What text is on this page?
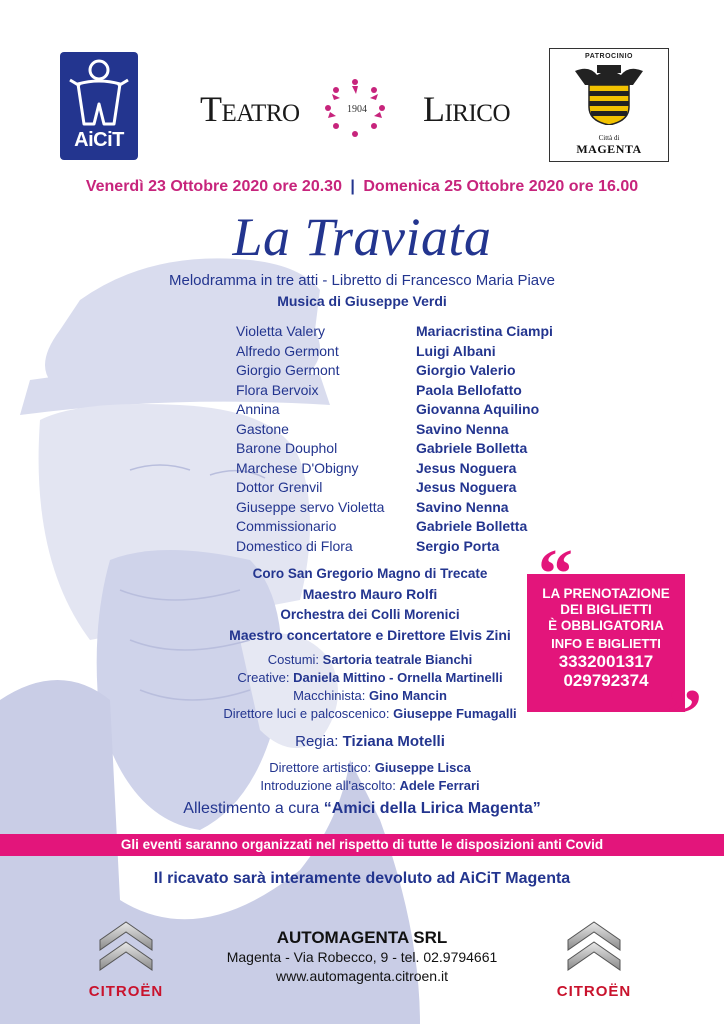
AiCiT
Teatro	1904 Lirico
PATROCINIO
Città di
MAGENTA
Venerdì 23 Ottobre 2020 ore 20.30 | Domenica 25 Ottobre 2020 ore 16.00
La Traviata
Melodramma in tre atti - Libretto di Francesco Maria Piave
Musica di Giuseppe Verdi
Violetta Valery	Mariacristina Ciampi
Alfredo Germont	Luigi Albani
Giorgio Germont	Giorgio Valerio
Flora Bervoix	Paola Bellofatto
Annina	Giovanna Aquilino
Gastone	Savino Nenna
Barone Douphol	Gabriele Bolletta
Marchese D'Obigny	Jesus Noguera
Dottor Grenvil	Jesus Noguera
Giuseppe servo Violetta	Savino Nenna
Commissionario	Gabriele Bolletta
Domestico di Flora	Sergio Porta
Coro San Gregorio Magno di Trecate
Maestro Mauro Rolfi
Orchestra dei Colli Morenici
Maestro concertatore e Direttore Elvis Zini
Costumi: Sartoria teatrale Bianchi
Creative: Daniela Mittino - Ornella Martinelli
Macchinista: Gino Mancin
Direttore luci e palcoscenico: Giuseppe Fumagalli
Regia: Tiziana Motelli
Direttore artistico: Giuseppe Lisca
Introduzione all'ascolto: Adele Ferrari
Allestimento a cura “Amici della Lirica Magenta”
“
LA PRENOTAZIONE
DEI BIGLIETTI
È OBBLIGATORIA
INFO E BIGLIETTI
3332001317
029792374 ”
Gli eventi saranno organizzati nel rispetto di tutte le disposizioni anti Covid
Il ricavato sarà interamente devoluto ad AiCiT Magenta
CITROËN
AUTOMAGENTA SRL
Magenta - Via Robecco, 9 - tel. 02.9794661
www.automagenta.citroen.it
CITROËN
